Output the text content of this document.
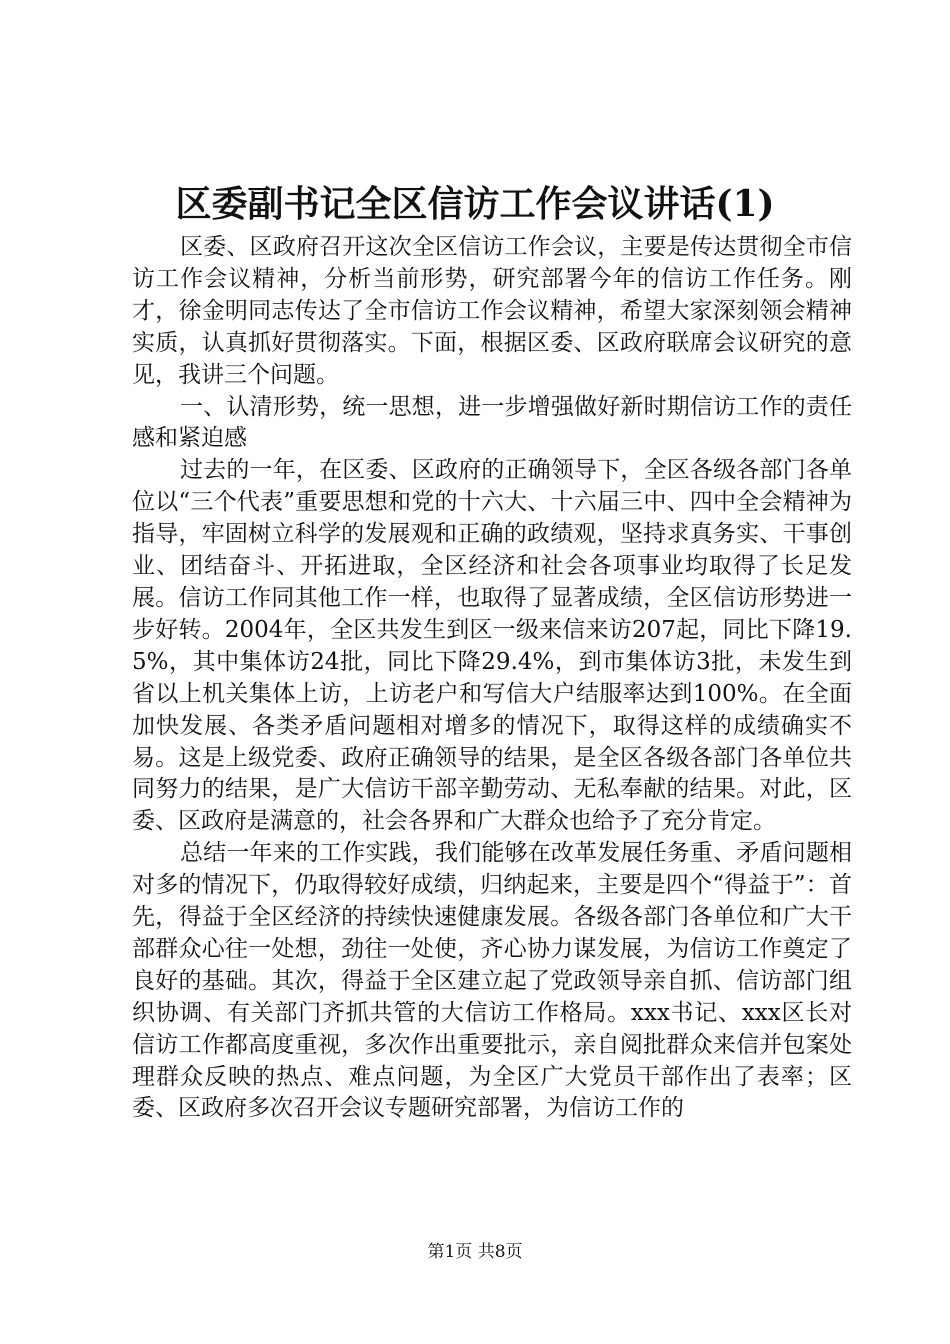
区委副书记全区信访工作会议讲话(1)

区委、区政府召开这次全区信访工作会议，主要是传达贯彻全市信访工作会议精神，分析当前形势，研究部署今年的信访工作任务。刚才，徐金明同志传达了全市信访工作会议精神，希望大家深刻领会精神实质，认真抓好贯彻落实。下面，根据区委、区政府联席会议研究的意见，我讲三个问题。

一、认清形势，统一思想，进一步增强做好新时期信访工作的责任感和紧迫感

过去的一年，在区委、区政府的正确领导下，全区各级各部门各单位以“三个代表”重要思想和党的十六大、十六届三中、四中全会精神为指导，牢固树立科学的发展观和正确的政绩观，坚持求真务实、干事创业、团结奋斗、开拓进取，全区经济和社会各项事业均取得了长足发展。信访工作同其他工作一样，也取得了显著成绩，全区信访形势进一步好转。2004年，全区共发生到区一级来信来访207起，同比下降19.5%，其中集体访24批，同比下降29.4%，到市集体访3批，未发生到省以上机关集体上访，上访老户和写信大户结服率达到100%。在全面加快发展、各类矛盾问题相对增多的情况下，取得这样的成绩确实不易。这是上级党委、政府正确领导的结果，是全区各级各部门各单位共同努力的结果，是广大信访干部辛勤劳动、无私奉献的结果。对此，区委、区政府是满意的，社会各界和广大群众也给予了充分肯定。

总结一年来的工作实践，我们能够在改革发展任务重、矛盾问题相对多的情况下，仍取得较好成绩，归纳起来，主要是四个“得益于”：首先，得益于全区经济的持续快速健康发展。各级各部门各单位和广大干部群众心往一处想，劲往一处使，齐心协力谋发展，为信访工作奠定了良好的基础。其次，得益于全区建立起了党政领导亲自抓、信访部门组织协调、有关部门齐抓共管的大信访工作格局。xxx书记、xxx区长对信访工作都高度重视，多次作出重要批示，亲自阅批群众来信并包案处理群众反映的热点、难点问题，为全区广大党员干部作出了表率；区委、区政府多次召开会议专题研究部署，为信访工作的

第1页 共8页
